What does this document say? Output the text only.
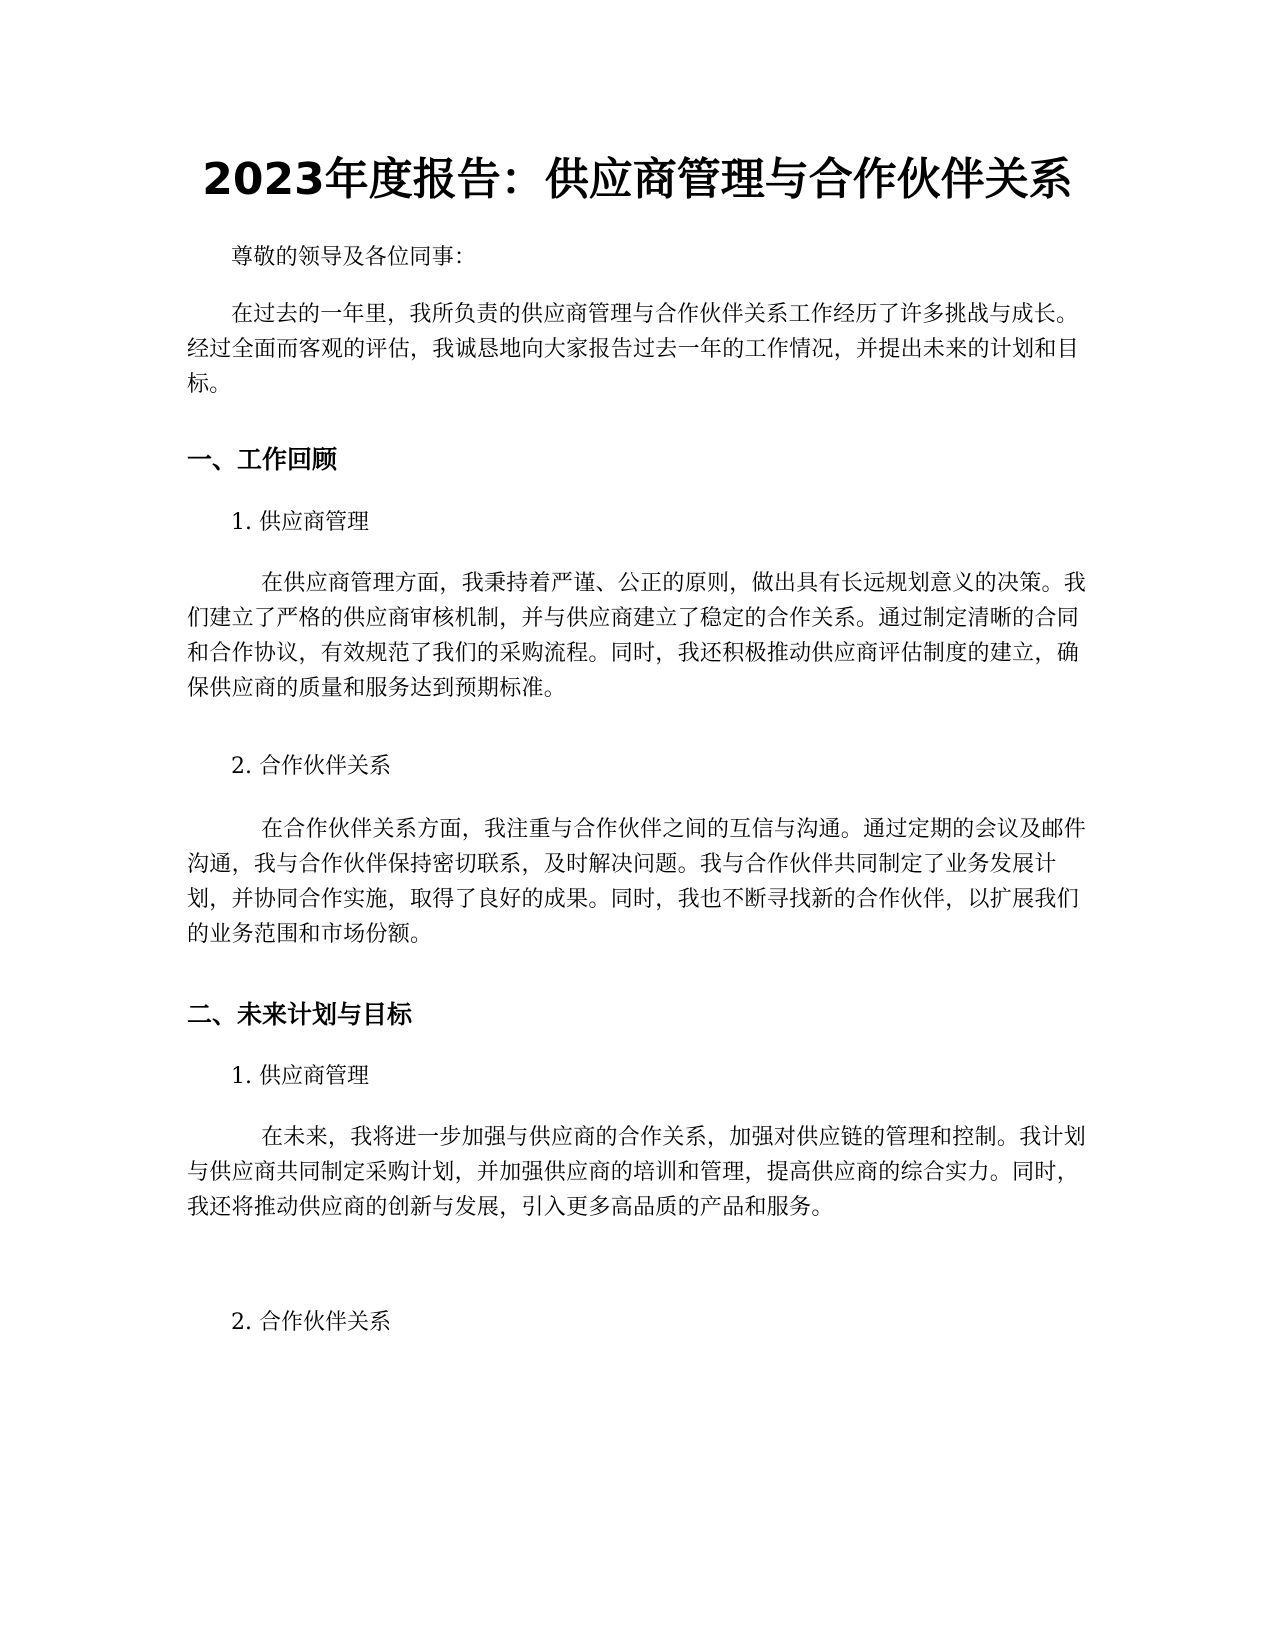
2023年度报告：供应商管理与合作伙伴关系

尊敬的领导及各位同事：

在过去的一年里，我所负责的供应商管理与合作伙伴关系工作经历了许多挑战与成长。经过全面而客观的评估，我诚恳地向大家报告过去一年的工作情况，并提出未来的计划和目标。

一、工作回顾

1. 供应商管理

在供应商管理方面，我秉持着严谨、公正的原则，做出具有长远规划意义的决策。我们建立了严格的供应商审核机制，并与供应商建立了稳定的合作关系。通过制定清晰的合同和合作协议，有效规范了我们的采购流程。同时，我还积极推动供应商评估制度的建立，确保供应商的质量和服务达到预期标准。

2. 合作伙伴关系

在合作伙伴关系方面，我注重与合作伙伴之间的互信与沟通。通过定期的会议及邮件沟通，我与合作伙伴保持密切联系，及时解决问题。我与合作伙伴共同制定了业务发展计划，并协同合作实施，取得了良好的成果。同时，我也不断寻找新的合作伙伴，以扩展我们的业务范围和市场份额。

二、未来计划与目标

1. 供应商管理

在未来，我将进一步加强与供应商的合作关系，加强对供应链的管理和控制。我计划与供应商共同制定采购计划，并加强供应商的培训和管理，提高供应商的综合实力。同时，我还将推动供应商的创新与发展，引入更多高品质的产品和服务。

2. 合作伙伴关系
